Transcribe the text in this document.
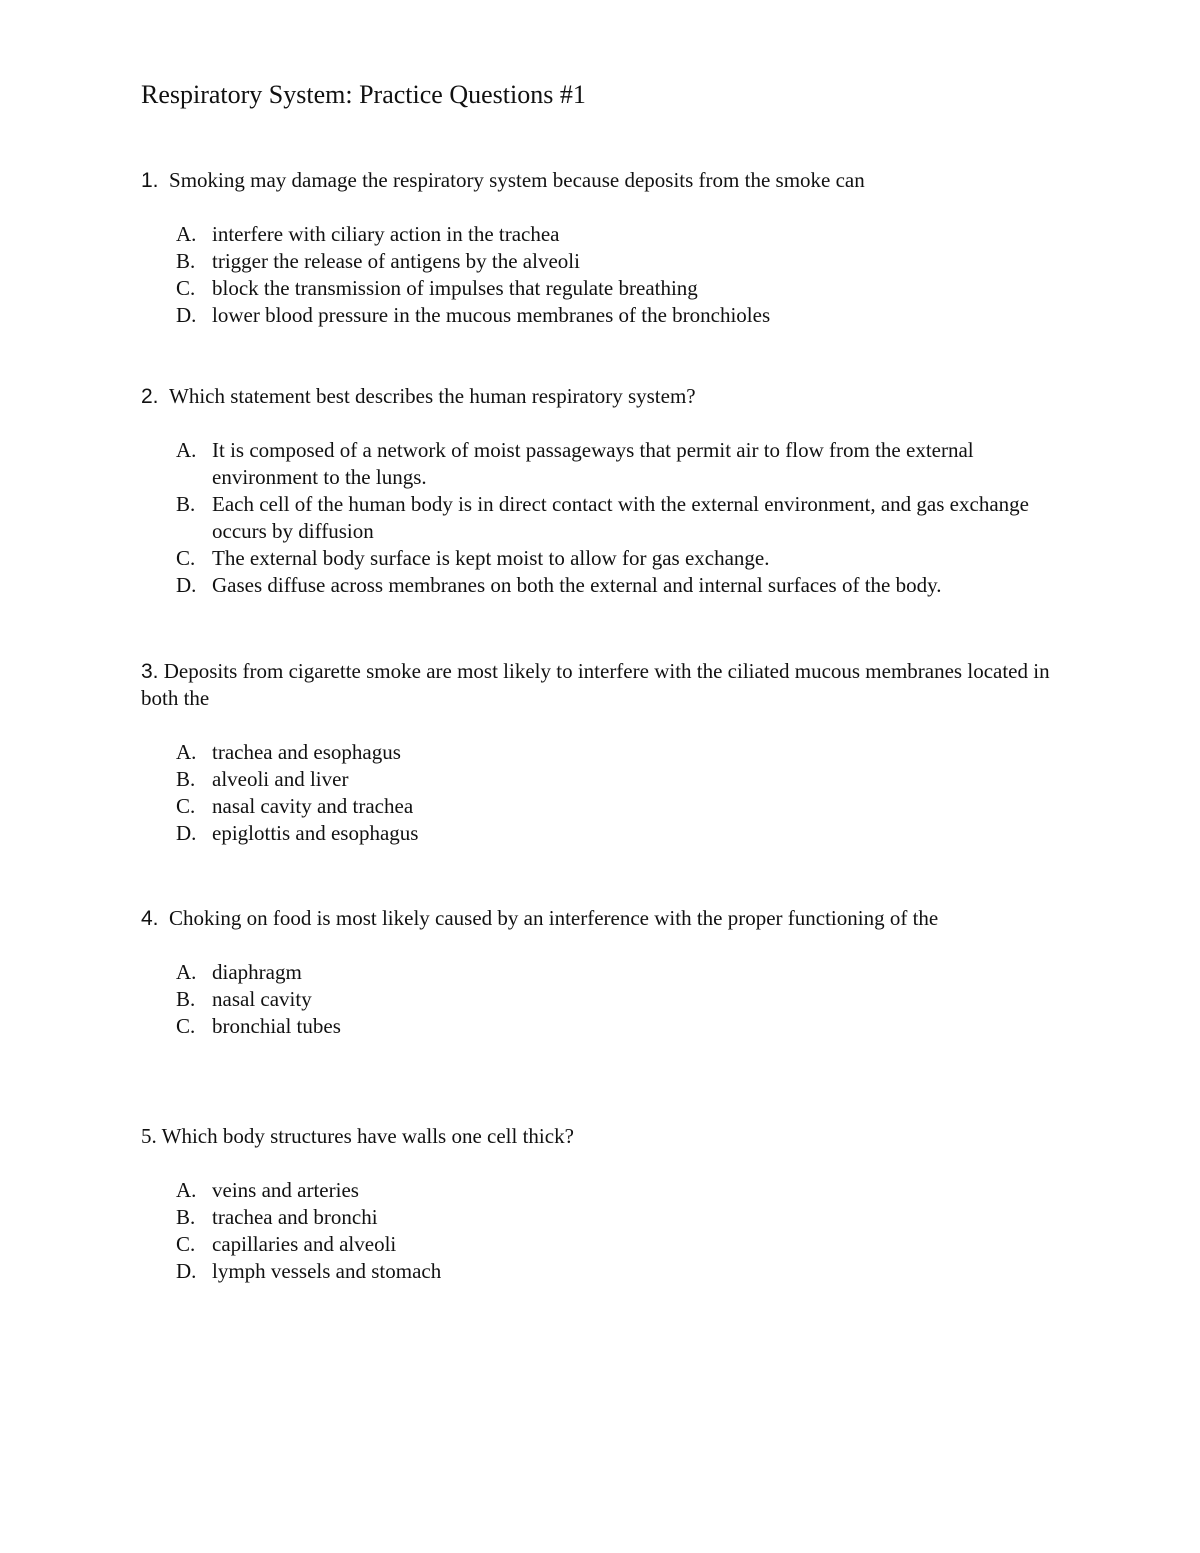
Respiratory System: Practice Questions #1
1. Smoking may damage the respiratory system because deposits from the smoke can
A. interfere with ciliary action in the trachea
B. trigger the release of antigens by the alveoli
C. block the transmission of impulses that regulate breathing
D. lower blood pressure in the mucous membranes of the bronchioles
2. Which statement best describes the human respiratory system?
A. It is composed of a network of moist passageways that permit air to flow from the external environment to the lungs.
B. Each cell of the human body is in direct contact with the external environment, and gas exchange occurs by diffusion
C. The external body surface is kept moist to allow for gas exchange.
D. Gases diffuse across membranes on both the external and internal surfaces of the body.
3. Deposits from cigarette smoke are most likely to interfere with the ciliated mucous membranes located in both the
A. trachea and esophagus
B. alveoli and liver
C. nasal cavity and trachea
D. epiglottis and esophagus
4. Choking on food is most likely caused by an interference with the proper functioning of the
A. diaphragm
B. nasal cavity
C. bronchial tubes
5. Which body structures have walls one cell thick?
A. veins and arteries
B. trachea and bronchi
C. capillaries and alveoli
D. lymph vessels and stomach
